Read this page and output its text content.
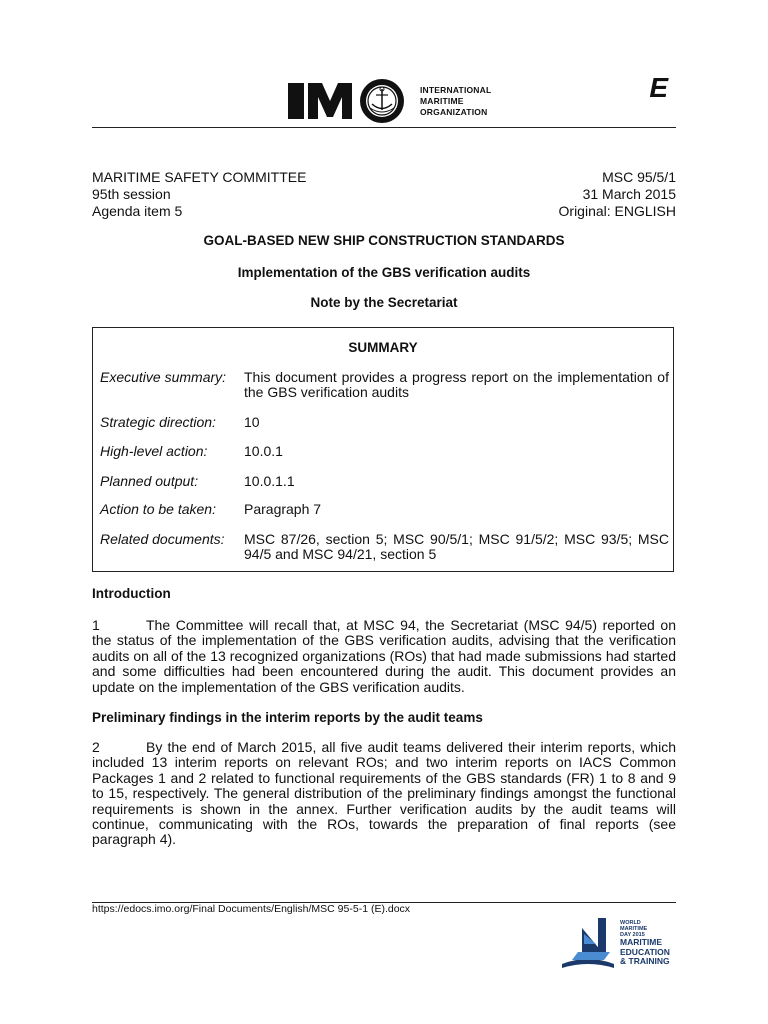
INTERNATIONAL
MARITIME
ORGANIZATION
E
MARITIME SAFETY COMMITTEE
95th session
Agenda item 5
MSC 95/5/1
31 March 2015
Original: ENGLISH
GOAL-BASED NEW SHIP CONSTRUCTION STANDARDS
Implementation of the GBS verification audits
Note by the Secretariat
SUMMARY
Executive summary: This document provides a progress report on the implementation of the GBS verification audits
Strategic direction: 10
High-level action:	10.0.1
Planned output:	10.0.1.1
Action to be taken: Paragraph 7
Related documents: MSC 87/26, section 5; MSC 90/5/1; MSC 91/5/2; MSC 93/5; MSC 94/5 and MSC 94/21, section 5
Introduction
1	The Committee will recall that, at MSC 94, the Secretariat (MSC 94/5) reported on the status of the implementation of the GBS verification audits, advising that the verification audits on all of the 13 recognized organizations (ROs) that had made submissions had started and some difficulties had been encountered during the audit. This document provides an update on the implementation of the GBS verification audits.
Preliminary findings in the interim reports by the audit teams
2	By the end of March 2015, all five audit teams delivered their interim reports, which included 13 interim reports on relevant ROs; and two interim reports on IACS Common Packages 1 and 2 related to functional requirements of the GBS standards (FR) 1 to 8 and 9 to 15, respectively. The general distribution of the preliminary findings amongst the functional requirements is shown in the annex. Further verification audits by the audit teams will continue, communicating with the ROs, towards the preparation of final reports (see paragraph 4).
https://edocs.imo.org/Final Documents/English/MSC 95-5-1 (E).docx
WORLD
MARITIME
DAY 2015
MARITIME
EDUCATION
& TRAINING
